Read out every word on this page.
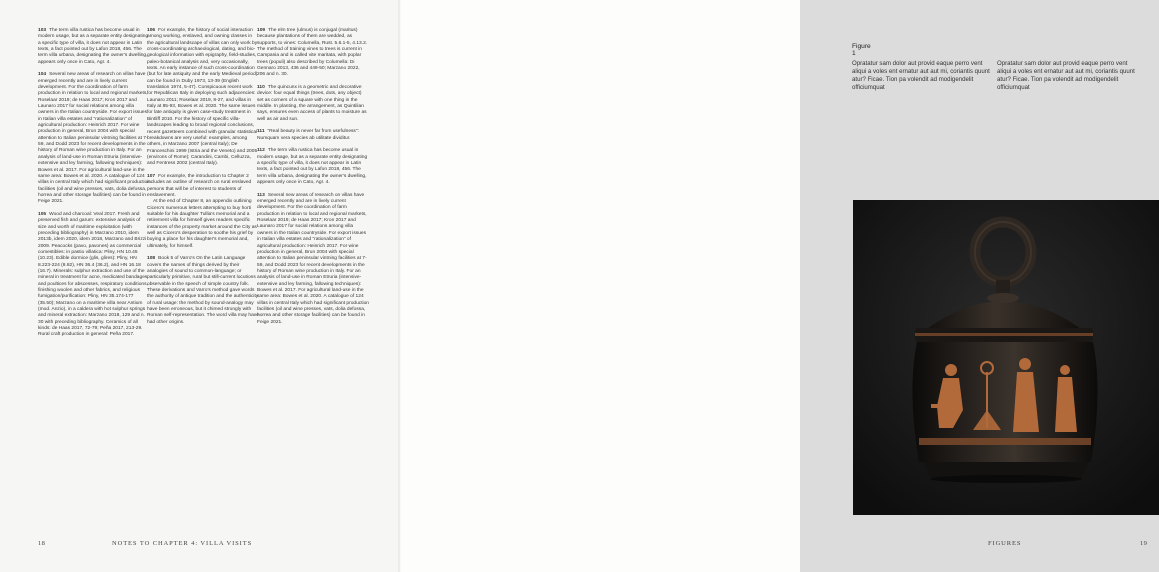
103 The term villa rustica has become usual in modern usage, but as a separate entity designating a specific type of villa, it does not appear in Latin texts, a fact pointed out by Lafon 2018, 456. The term villa urbana, designating the owner's dwelling, appears only once in Cato, Agr. 4.

104 Several new areas of research on villas have emerged recently and are in lively current development. For the coordination of farm production in relation to local and regional markets, Roselaar 2019; de Haas 2017; Kron 2017 and Launaro 2017 for social relations among villa owners in the Italian countryside. For export issues in Italian villa estates and “rationalization” of agricultural production: Heinrich 2017. For wine production in general, Brun 2004 with special attention to Italian peninsular vintning facilities at 7-59, and Dodd 2023 for recent developments in the history of Roman wine production in Italy. For an analysis of land-use in Roman Etruria (intensive-extensive and ley farming, fallowing techniques): Bowes et al. 2017. For agricultural land-use in the same area: Bowes et al. 2020. A catalogue of 124 villas in central Italy which had significant production facilities (oil and wine presses, vats, dolia defossa, horrea and other storage facilities) can be found in Feige 2021.

105 Wood and charcoal: Veal 2017. Fresh and preserved fish and garum: extensive analysis of size and worth of maritime exploitation (with preceding bibliography) in Marzano 2010, idem 2013b, idem 2020, idem 2018, Marzano and Brizzi 2009. Peacocks (pavo, pavones) as commercial comestibles: in pastio villatica: Pliny, HN 10.45 (10.23). Edible dormice (glis, glires): Pliny, HN 8.223-224 (8.82), HN 36.4 (36.2), and HN 16.18 (16.7). Minerals: sulphur extraction and use of the mineral in treatment for acne, medicated bandages and poultices for abscesses, respiratory conditions, finishing woolen and other fabrics, and religious fumigation/purification: Pliny, HN 35.174-177 (35.50); Marzano on a maritime villa near Antium (mod. Anzio), in a caldera with hot sulphur springs and mineral extraction: Marzano 2018, 129 and n. 30 with preceding bibliography. Ceramics of all kinds: de Haas 2017, 72-79; Peña 2017, 213-29. Rural craft production in general: Peña 2017.

106 For example, the history of social interaction among working, enslaved, and owning classes in the agricultural landscape of villas can only work by cross-coordinating archaeological, dating, and bio-geological information with epigraphy, field-studies, paleo-botanical analysis and, very occasionally, texts. An early instance of such cross-coordination (but for late antiquity and the early Medieval period) can be found in Duby 1973, 13-39 (English translation 1974, 5-47). Conspicuous recent work for Republican Italy in deploying such adjacencies: Launaro 2011; Roselaar 2019, 8-27, and villas in Italy at 85-93, Bowes et al. 2020. The same issues for late antiquity is given case-study treatment in Bintliff 2010. For the history of specific villa-landscapes leading to broad regional conclusions, recent gazetteers combined with granular statistical breakdowns are very useful: examples, among others, in Marzano 2007 (central Italy); De Franceschini 1999 (Istria and the Veneto) and 2005 (environs of Rome); Carandini, Cambi, Celluzza, and Fentress 2002 (central Italy).

107 For example, the introduction to Chapter 2 includes an outline of research on rural enslaved persons that will be of interest to students of enslavement.

At the end of Chapter 8, an appendix outlining Cicero's numerous letters attempting to buy horti suitable for his daughter Tullia's memorial and a retirement villa for himself gives readers specific instances of the property market around the City as well as Cicero's desperation to soothe his grief by buying a place for his daughter's memorial and, ultimately, for himself.

108 Book 5 of Varro's On the Latin Language covers the names of things derived by their analogies of sound to common-language; or particularly primitive, rural but still-current locutions observable in the speech of simple country folk. These derivations and Varro's method gave words the authority of antique tradition and the authenticity of rural usage: the method by sound-analogy may have been erroneous, but it chimed strongly with Roman self-representation. The word villa may have had other origins.

109 The elm tree (ulmus) is conjugal (maritus) because plantations of them are wedded, as supports, to vines: Columella, Rust. 5.6.1-5, 4.13.2. The method of training vines to trees is current in Campania and is called vite maritata, with poplar trees (populi) also described by Columella: Di Gennaro 2013, 436 and 449-50; Marzano 2022, 206 and n. 30.

110 The quincunx is a geometric and decorative device: four equal things (trees, dots, any object) set as corners of a square with one thing in the middle. In planting, the arrangement, as Quintilian says, ensures even access of plants to moisture as well as air and sun.

111 “Real beauty is never far from usefulness”: Numquam vera species ab utilitate dividitur.

112 The term villa rustica has become usual in modern usage, but as a separate entity designating a specific type of villa, it does not appear in Latin texts, a fact pointed out by Lafon 2018, 456. The term villa urbana, designating the owner's dwelling, appears only once in Cato, Agr. 4.

113 Several new areas of research on villas have emerged recently and are in lively current development. For the coordination of farm production in relation to local and regional markets, Roselaar 2019; de Haas 2017; Kron 2017 and Launaro 2017 for social relations among villa owners in the Italian countryside. For export issues in Italian villa estates and “rationalization” of agricultural production: Heinrich 2017. For wine production in general, Brun 2004 with special attention to Italian peninsular vintning facilities at 7-59, and Dodd 2023 for recent developments in the history of Roman wine production in Italy. For an analysis of land-use in Roman Etruria (intensive-extensive and ley farming, fallowing techniques): Bowes et al. 2017. For agricultural land-use in the same area: Bowes et al. 2020. A catalogue of 124 villas in central Italy which had significant production facilities (oil and wine presses, vats, dolia defossa, horrea and other storage facilities) can be found in Feige 2021.

18	NOTES TO CHAPTER 4: VILLA VISITS
Figure 1
Opratatur sam dolor aut provid eaque perro vent aliqui a voles ent ernatur aut aut mi, coriantis quunt atur? Ficae. Tion pa volendit ad modigendelit officiumquat
Opratatur sam dolor aut provid eaque perro vent aliqui a voles ent ernatur aut aut mi, coriantis quunt atur? Ficae. Tion pa volendit ad modigendelit officiumquat
FIGURES	19
